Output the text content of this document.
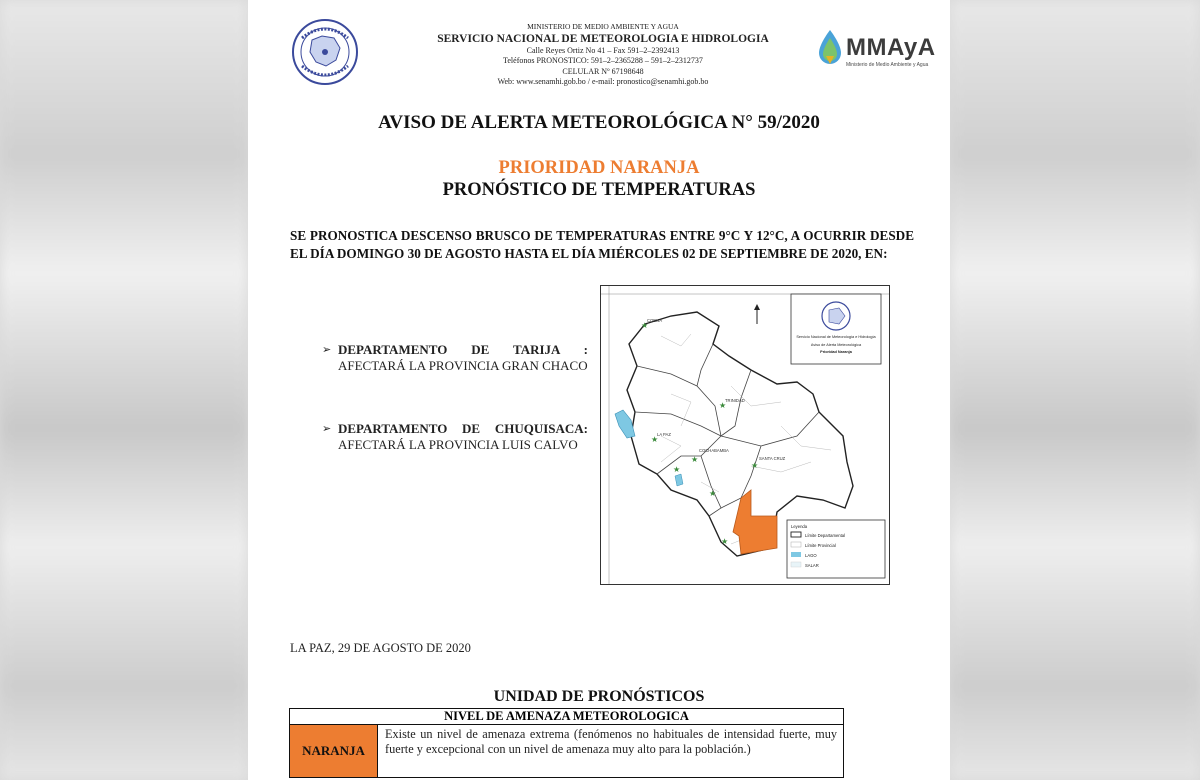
MINISTERIO DE MEDIO AMBIENTE Y AGUA
SERVICIO NACIONAL DE METEOROLOGIA E HIDROLOGIA
Calle Reyes Ortiz No 41 – Fax 591–2–2392413
Teléfonos PRONOSTICO: 591–2–2365288 – 591–2–2312737
CELULAR Nº 67198648
Web: www.senamhi.gob.bo / e-mail: pronostico@senamhi.gob.bo
MMAyA
Ministerio de Medio Ambiente y Agua
AVISO DE ALERTA METEOROLÓGICA N° 59/2020
PRIORIDAD NARANJA
PRONÓSTICO DE TEMPERATURAS
SE PRONOSTICA DESCENSO BRUSCO DE TEMPERATURAS ENTRE 9°C Y 12°C, A OCURRIR DESDE EL DÍA DOMINGO 30 DE AGOSTO HASTA EL DÍA MIÉRCOLES 02 DE SEPTIEMBRE DE 2020, EN:
➢ DEPARTAMENTO DE TARIJA : AFECTARÁ LA PROVINCIA GRAN CHACO
➢ DEPARTAMENTO DE CHUQUISACA: AFECTARÁ LA PROVINCIA LUIS CALVO
★
★
★
★
★	★
★
★
COBIJA
TRINIDAD
LA PAZ
COCHABAMBA
SANTA CRUZ
Servicio Nacional de Meteorología e Hidrología
Aviso de Alerta Meteorológica
Prioridad Naranja
Leyenda
Límite Departamental
Límite Provincial
LAGO
SALAR
LA PAZ, 29 DE AGOSTO DE 2020
UNIDAD DE PRONÓSTICOS
NIVEL DE AMENAZA METEOROLOGICA
NARANJA
Existe un nivel de amenaza extrema (fenómenos no habituales de intensidad fuerte, muy fuerte y excepcional con un nivel de amenaza muy alto para la población.)
